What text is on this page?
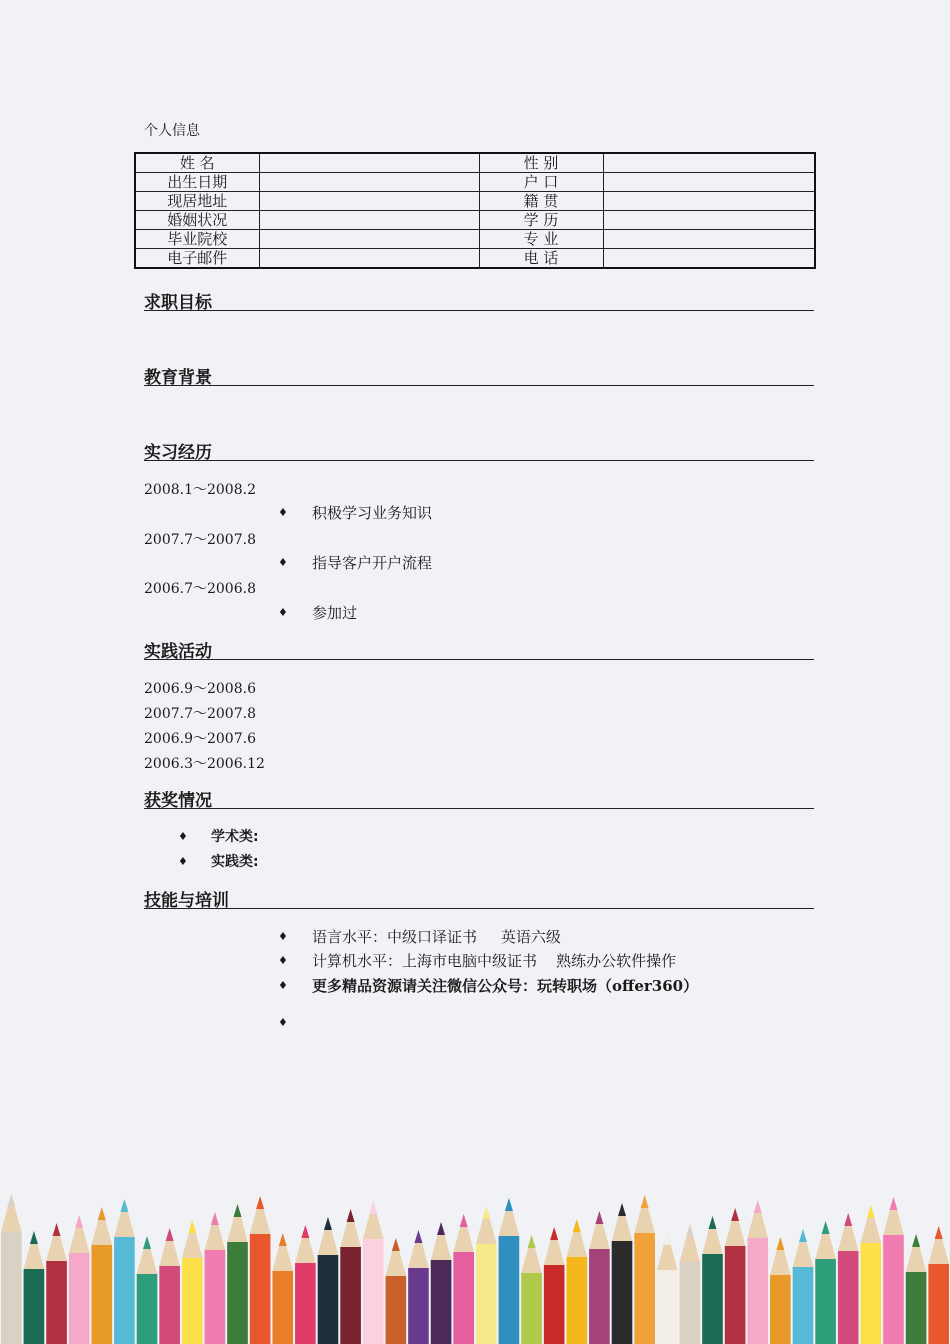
个人信息
姓 名		性 别	
出生日期		户 口	
现居地址		籍 贯	
婚姻状况		学 历	
毕业院校		专 业	
电子邮件		电 话	
求职目标
教育背景
实习经历
2008.1～2008.2
♦ 积极学习业务知识
2007.7～2007.8
♦ 指导客户开户流程
2006.7～2006.8
♦ 参加过
实践活动
2006.9～2008.6
2007.7～2007.8
2006.9～2007.6
2006.3～2006.12
获奖情况
♦ 学术类:
♦ 实践类:
技能与培训
♦ 语言水平：中级口译证书     英语六级
♦ 计算机水平：上海市电脑中级证书    熟练办公软件操作
♦ 更多精品资源请关注微信公众号：玩转职场（offer360）
♦
